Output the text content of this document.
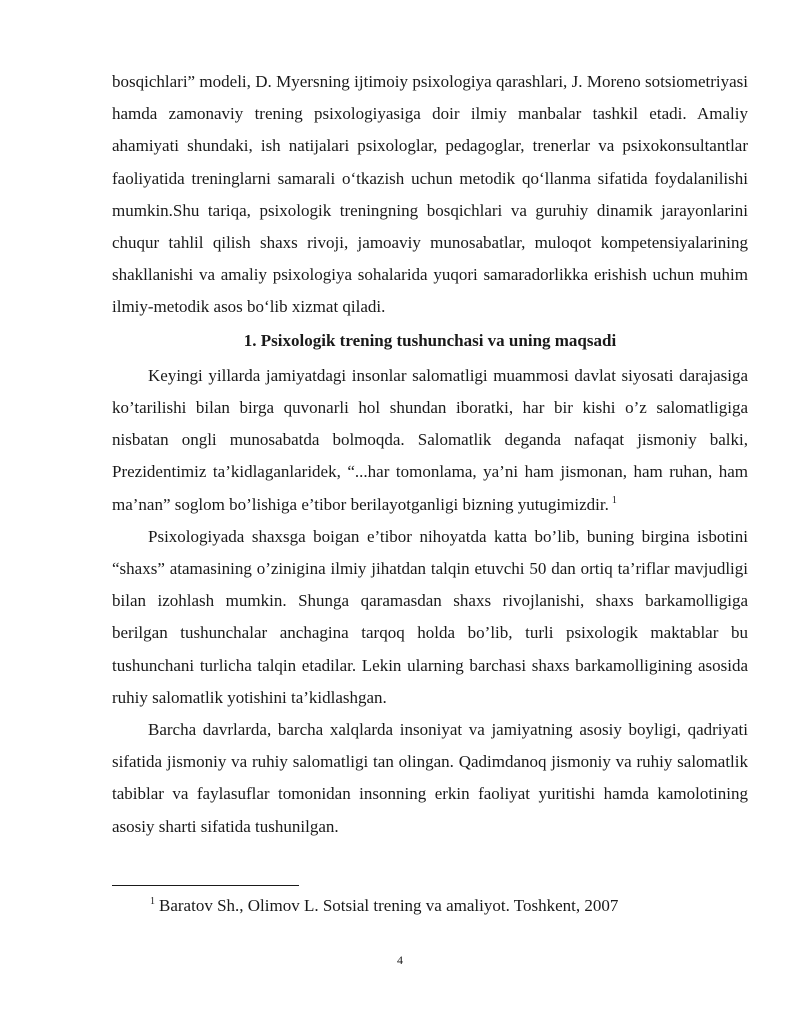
bosqichlari” modeli, D. Myersning ijtimoiy psixologiya qarashlari, J. Moreno sotsiometriyasi hamda zamonaviy trening psixologiyasiga doir ilmiy manbalar tashkil etadi. Amaliy ahamiyati shundaki, ish natijalari psixologlar, pedagoglar, trenerlar va psixokonsultantlar faoliyatida treninglarni samarali o‘tkazish uchun metodik qo‘llanma sifatida foydalanilishi mumkin.Shu tariqa, psixologik treningning bosqichlari va guruhiy dinamik jarayonlarini chuqur tahlil qilish shaxs rivoji, jamoaviy munosabatlar, muloqot kompetensiyalarining shakllanishi va amaliy psixologiya sohalarida yuqori samaradorlikka erishish uchun muhim ilmiy-metodik asos bo‘lib xizmat qiladi.

1. Psixologik trening tushunchasi va uning maqsadi

Keyingi yillarda jamiyatdagi insonlar salomatligi muammosi davlat siyosati darajasiga ko’tarilishi bilan birga quvonarli hol shundan iboratki, har bir kishi o’z salomatligiga nisbatan ongli munosabatda bolmoqda. Salomatlik deganda nafaqat jismoniy balki, Prezidentimiz ta’kidlaganlaridek, “...har tomonlama, ya’ni ham jismonan, ham ruhan, ham ma’nan” soglom bo’lishiga e’tibor berilayotganligi bizning yutugimizdir. $^1$

Psixologiyada shaxsga boigan e’tibor nihoyatda katta bo’lib, buning birgina isbotini “shaxs” atamasining o’zinigina ilmiy jihatdan talqin etuvchi 50 dan ortiq ta’riflar mavjudligi bilan izohlash mumkin. Shunga qaramasdan shaxs rivojlanishi, shaxs barkamolligiga berilgan tushunchalar anchagina tarqoq holda bo’lib, turli psixologik maktablar bu tushunchani turlicha talqin etadilar. Lekin ularning barchasi shaxs barkamolligining asosida ruhiy salomatlik yotishini ta’kidlashgan.

Barcha davrlarda, barcha xalqlarda insoniyat va jamiyatning asosiy boyligi, qadriyati sifatida jismoniy va ruhiy salomatligi tan olingan. Qadimdanoq jismoniy va ruhiy salomatlik tabiblar va faylasuflar tomonidan insonning erkin faoliyat yuritishi hamda kamolotining asosiy sharti sifatida tushunilgan.

$^1$ Baratov Sh., Olimov L. Sotsial trening va amaliyot. Toshkent, 2007
4
